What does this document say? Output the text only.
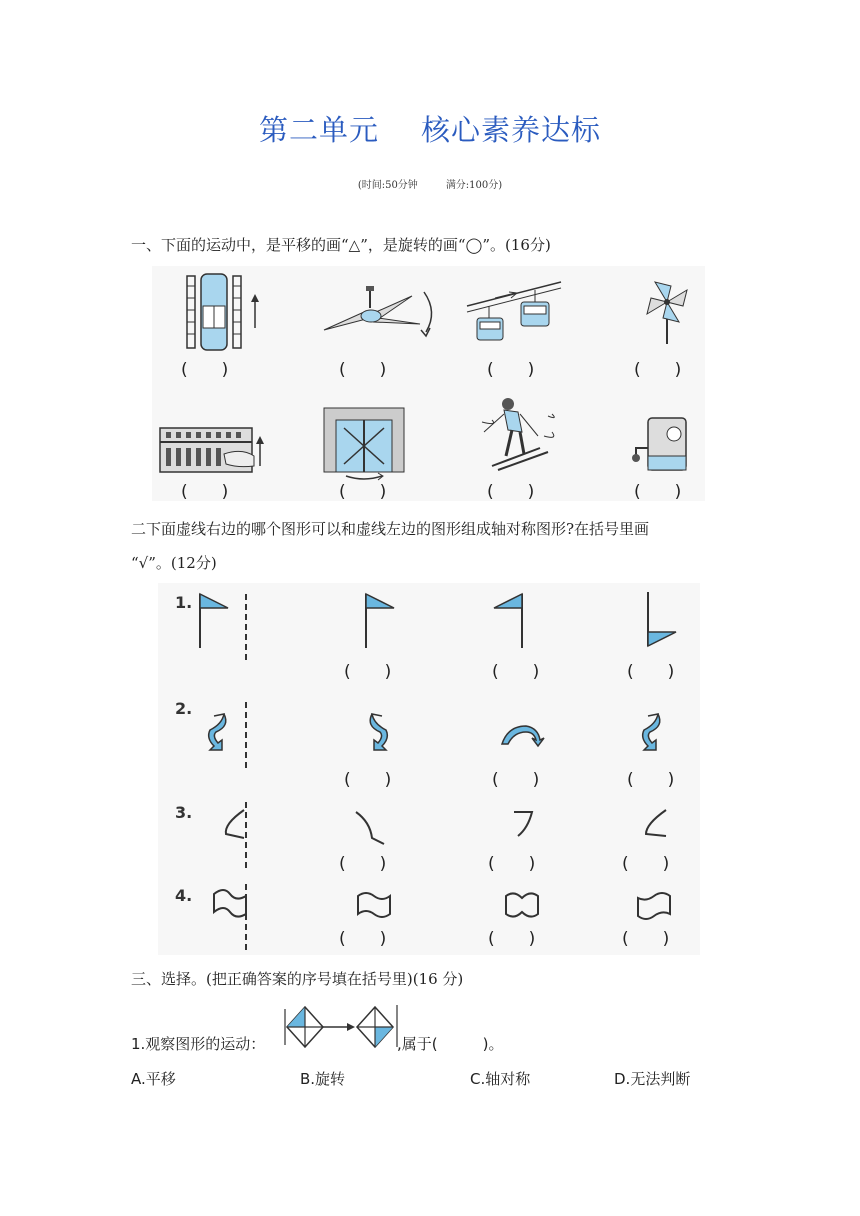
第二单元 核心素养达标
(时间:50分钟	满分:100分)
一、下面的运动中，是平移的画“△”，是旋转的画“◯”。(16分)
(　　)	(　　)	(　　)	(　　)
(　　)	(　　)	(　　)	(　　)
二下面虚线右边的哪个图形可以和虚线左边的图形组成轴对称图形?在括号里画
“√”。(12分)
1.
(　　)	(　　)	(　　)
2.
(　　)	(　　)	(　　)
3.
(　　)	(　　)	(　　)
4.
(　　)	(　　)	(　　)
三、选择。(把正确答案的序号填在括号里)(16 分)
1.观察图形的运动：	,属于(　　　)。
A.平移	B.旋转	C.轴对称	D.无法判断
